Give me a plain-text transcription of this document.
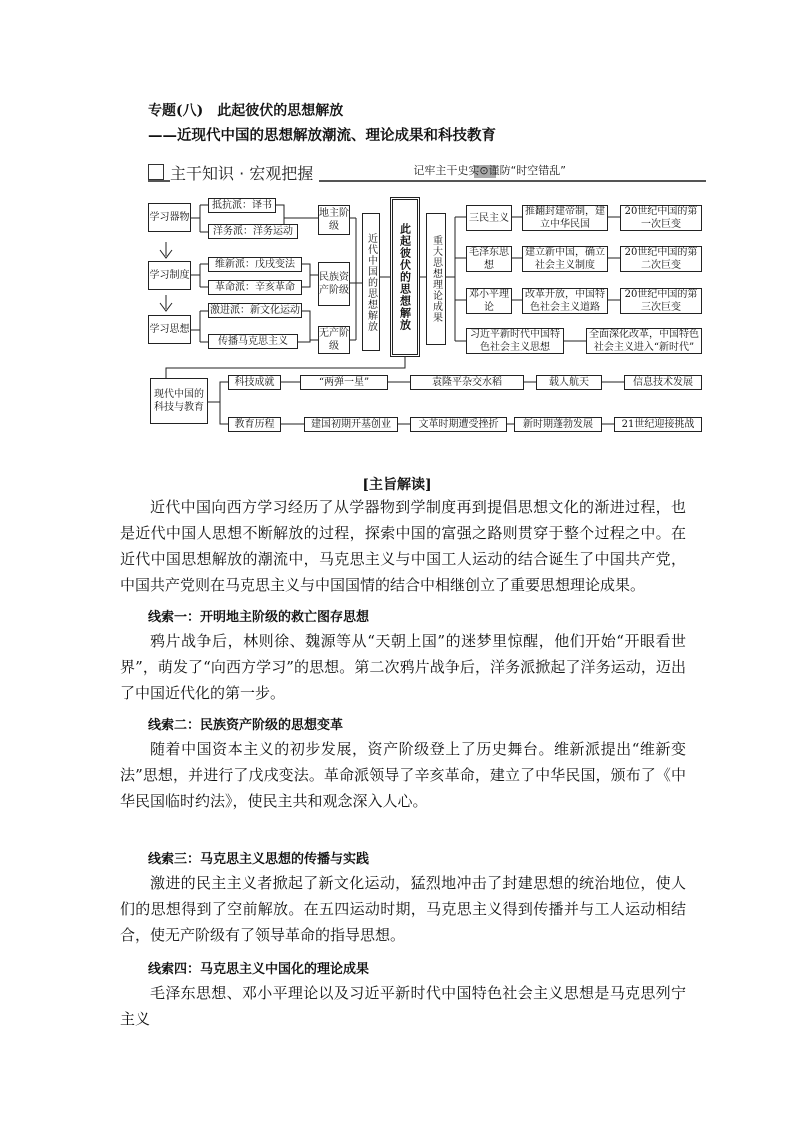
专题(八)　此起彼伏的思想解放
——近现代中国的思想解放潮流、理论成果和科技教育
主干知识 · 宏观把握	记牢主干史实⊙谨防“时空错乱”
学习器物
学习制度
学习思想
抵抗派：译书
洋务派：洋务运动
维新派：戊戌变法
革命派：辛亥革命
激进派：新文化运动
传播马克思主义
地主阶级
民族资产阶级
无产阶级
近代中国的思想解放 此起彼伏的思想解放 重大思想理论成果
三民主义
推翻封建帝制，建立中华民国
20世纪中国的第一次巨变
毛泽东思想
建立新中国，确立社会主义制度
20世纪中国的第二次巨变
邓小平理论
改革开放，中国特色社会主义道路
20世纪中国的第三次巨变
习近平新时代中国特色社会主义思想
全面深化改革，中国特色社会主义进入“新时代”
现代中国的科技与教育
科技成就	“两弹一星”	袁隆平杂交水稻	载人航天	信息技术发展
教育历程	建国初期开基创业	文革时期遭受挫折	新时期蓬勃发展	21世纪迎接挑战
[主旨解读]
近代中国向西方学习经历了从学器物到学制度再到提倡思想文化的渐进过程，也是近代中国人思想不断解放的过程，探索中国的富强之路则贯穿于整个过程之中。在近代中国思想解放的潮流中，马克思主义与中国工人运动的结合诞生了中国共产党，中国共产党则在马克思主义与中国国情的结合中相继创立了重要思想理论成果。
线索一：开明地主阶级的救亡图存思想
鸦片战争后，林则徐、魏源等从“天朝上国”的迷梦里惊醒，他们开始“开眼看世界”，萌发了“向西方学习”的思想。第二次鸦片战争后，洋务派掀起了洋务运动，迈出了中国近代化的第一步。
线索二：民族资产阶级的思想变革
随着中国资本主义的初步发展，资产阶级登上了历史舞台。维新派提出“维新变法”思想，并进行了戊戌变法。革命派领导了辛亥革命，建立了中华民国，颁布了《中华民国临时约法》，使民主共和观念深入人心。
线索三：马克思主义思想的传播与实践
激进的民主主义者掀起了新文化运动，猛烈地冲击了封建思想的统治地位，使人们的思想得到了空前解放。在五四运动时期，马克思主义得到传播并与工人运动相结合，使无产阶级有了领导革命的指导思想。
线索四：马克思主义中国化的理论成果
毛泽东思想、邓小平理论以及习近平新时代中国特色社会主义思想是马克思列宁主义
